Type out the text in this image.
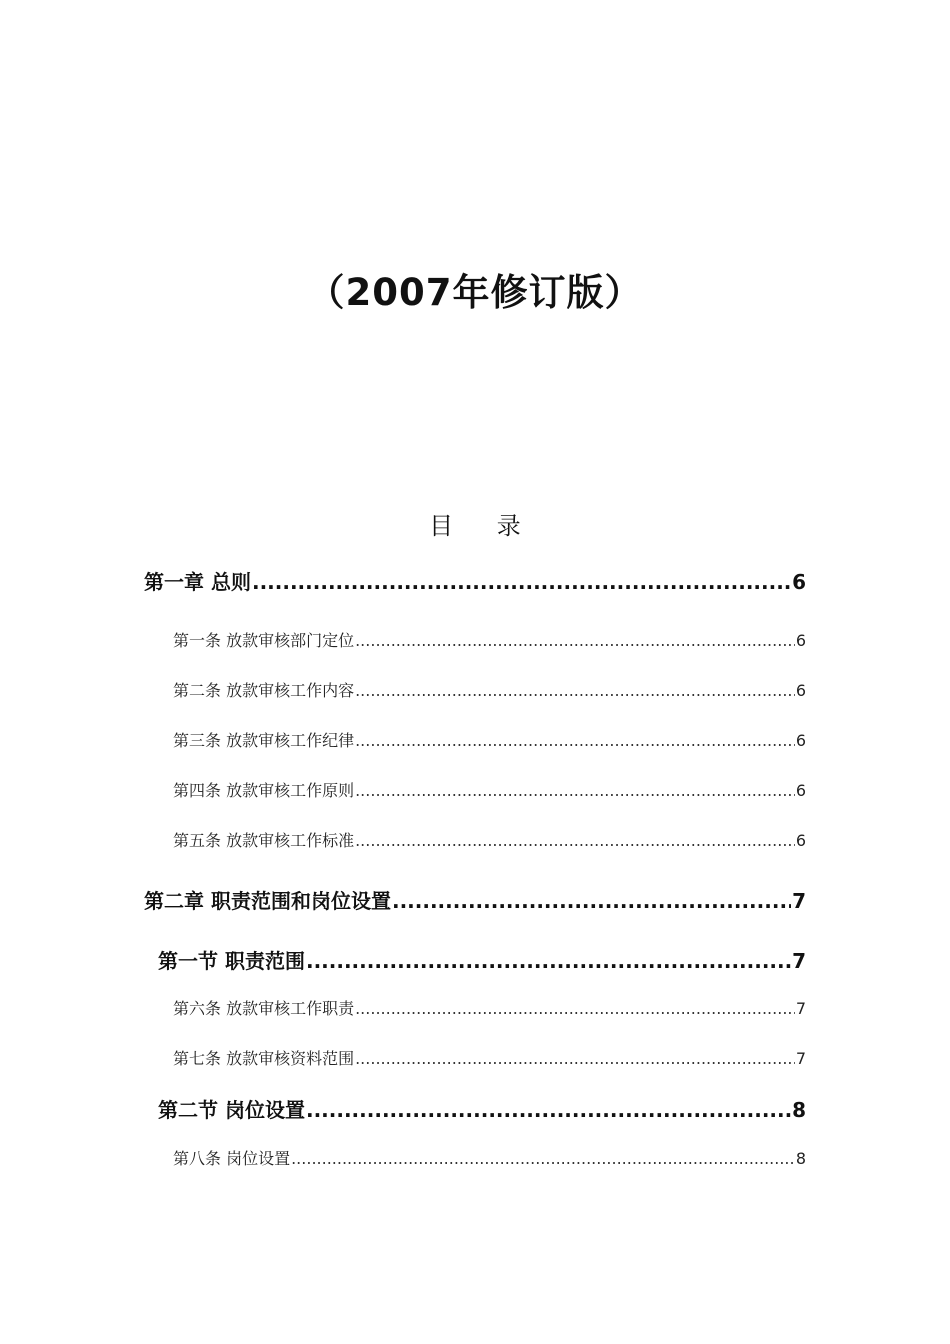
（2007年修订版）
目 录
第一章 总则 .....	6
第一条 放款审核部门定位 .....	6
第二条 放款审核工作内容 .....	6
第三条 放款审核工作纪律 .....	6
第四条 放款审核工作原则 .....	6
第五条 放款审核工作标准 .....	6
第二章 职责范围和岗位设置 .....	7
第一节 职责范围 .....	7
第六条 放款审核工作职责 .....	7
第七条 放款审核资料范围 .....	7
第二节 岗位设置 .....	8
第八条 岗位设置 .....	8
